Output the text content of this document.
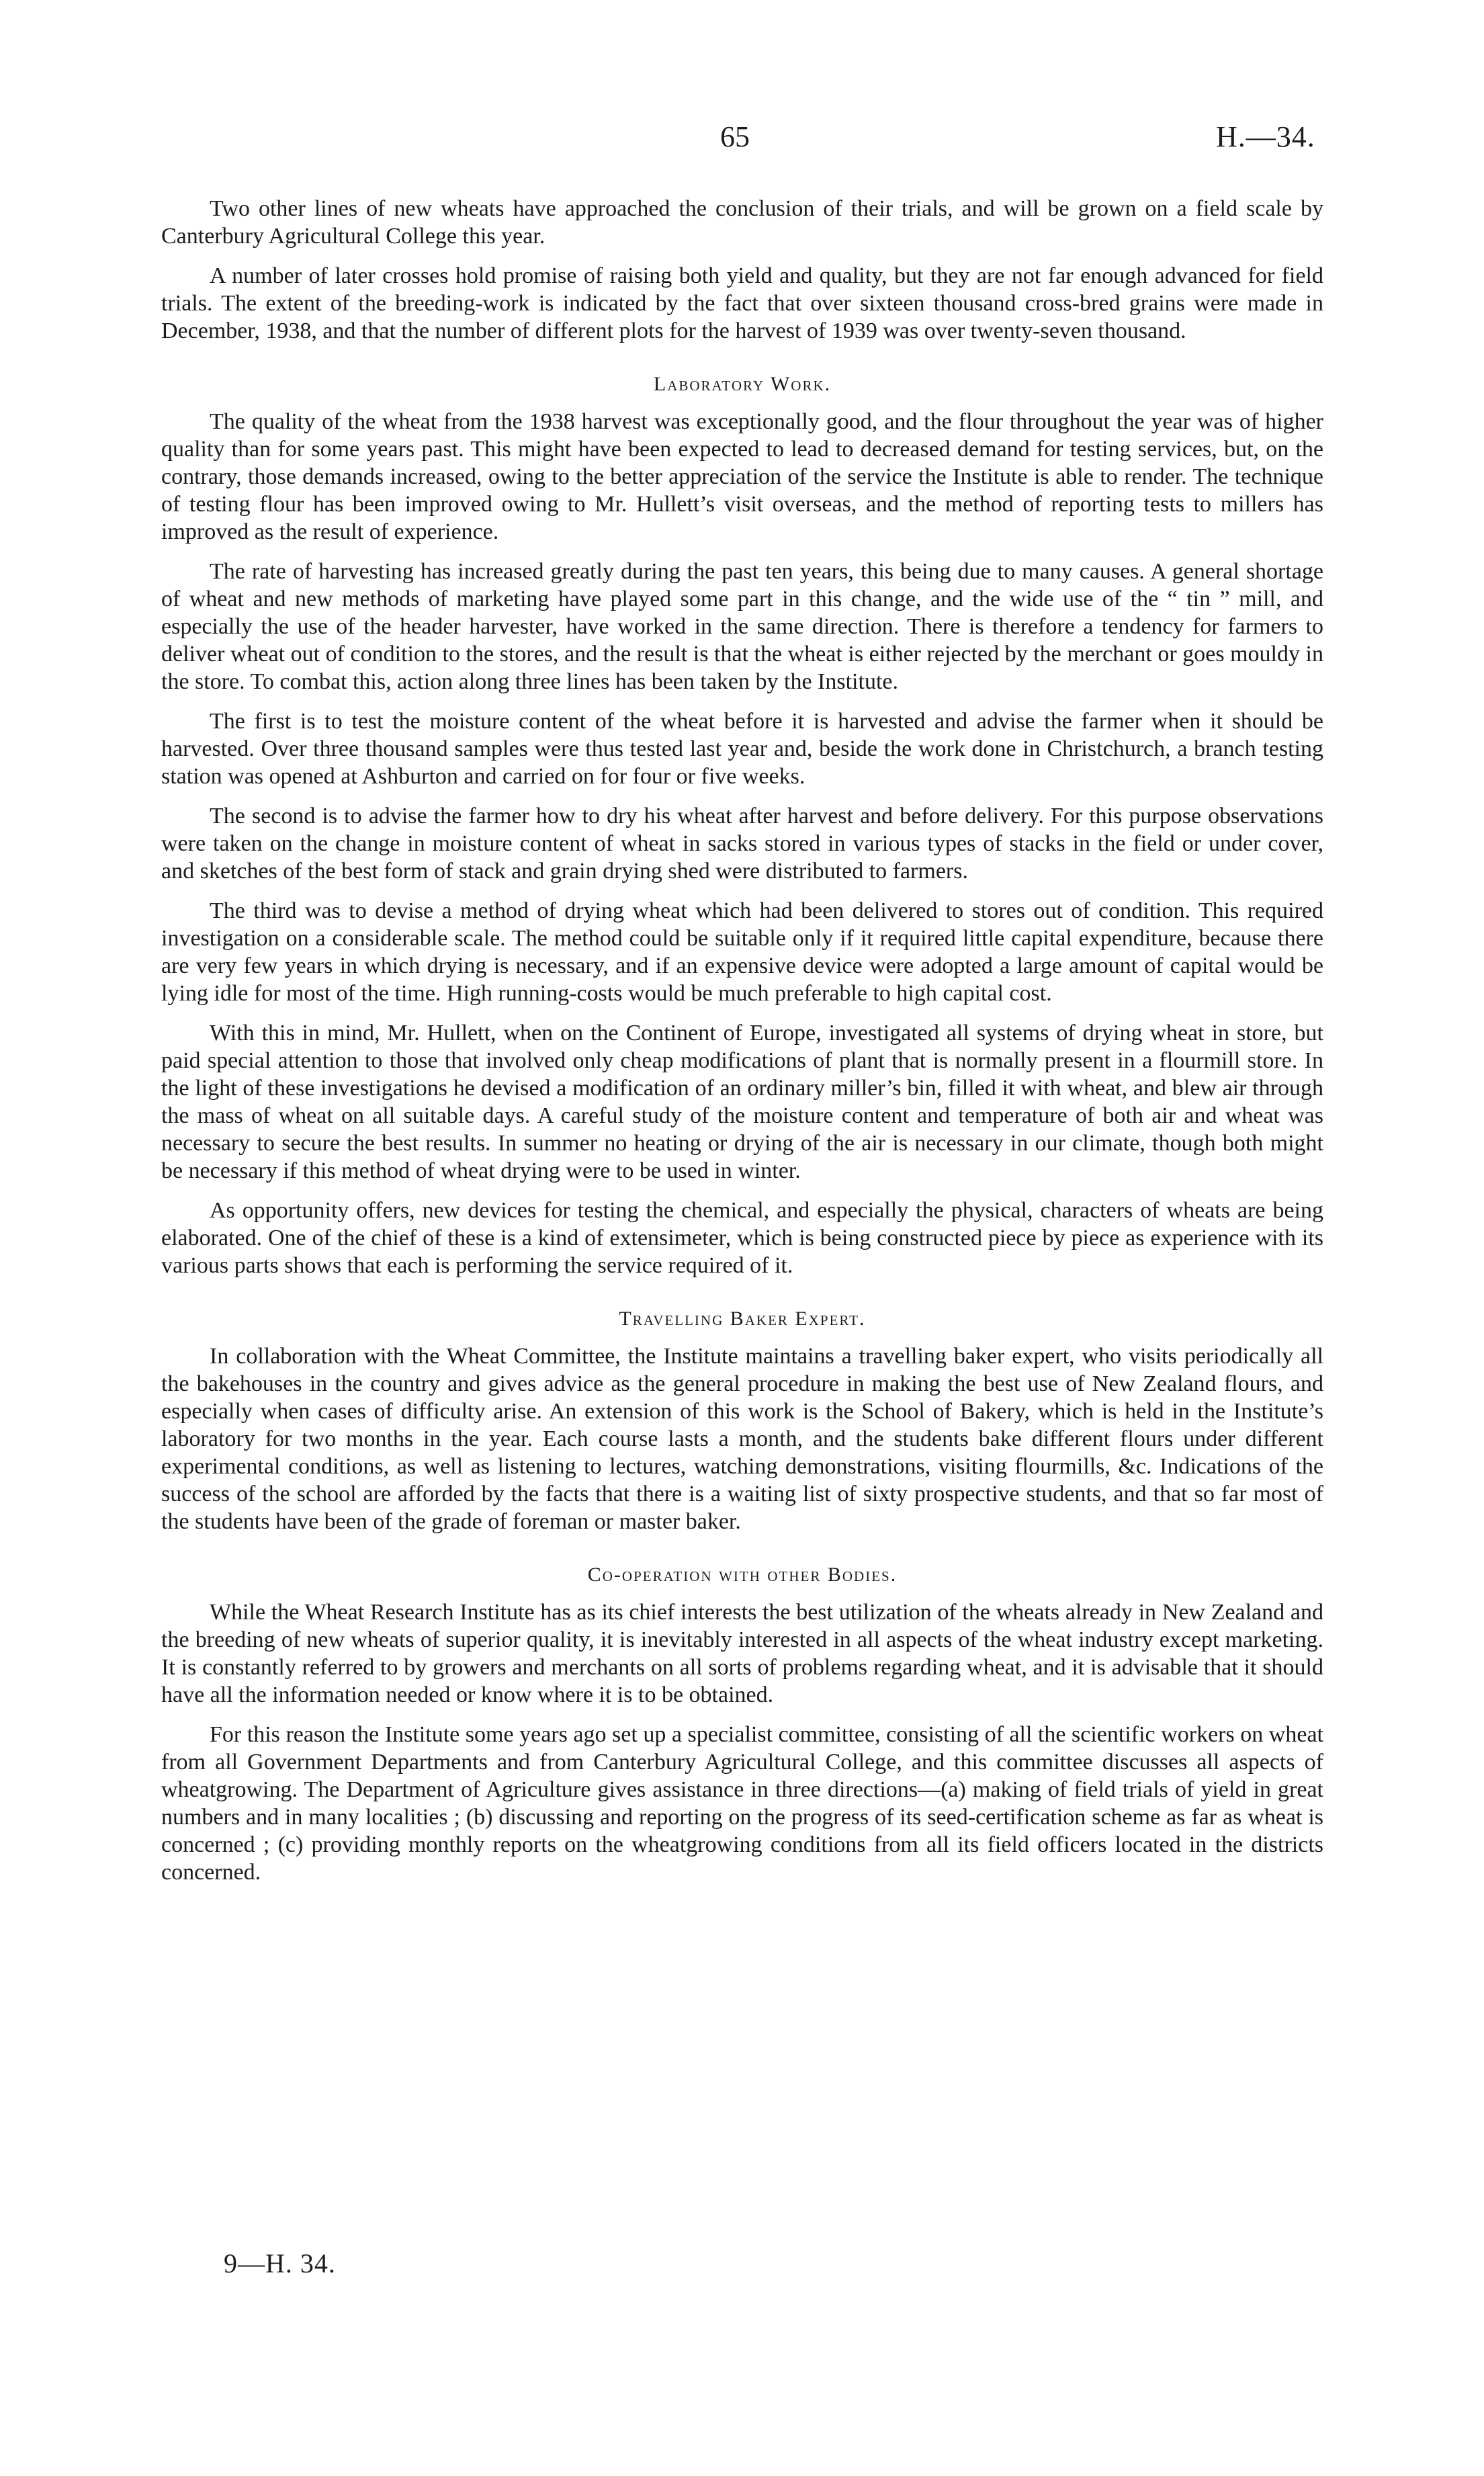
65	H.—34.

Two other lines of new wheats have approached the conclusion of their trials, and will be grown on a field scale by Canterbury Agricultural College this year.

A number of later crosses hold promise of raising both yield and quality, but they are not far enough advanced for field trials. The extent of the breeding-work is indicated by the fact that over sixteen thousand cross-bred grains were made in December, 1938, and that the number of different plots for the harvest of 1939 was over twenty-seven thousand.

Laboratory Work.

The quality of the wheat from the 1938 harvest was exceptionally good, and the flour throughout the year was of higher quality than for some years past. This might have been expected to lead to decreased demand for testing services, but, on the contrary, those demands increased, owing to the better appreciation of the service the Institute is able to render. The technique of testing flour has been improved owing to Mr. Hullett’s visit overseas, and the method of reporting tests to millers has improved as the result of experience.

The rate of harvesting has increased greatly during the past ten years, this being due to many causes. A general shortage of wheat and new methods of marketing have played some part in this change, and the wide use of the “ tin ” mill, and especially the use of the header harvester, have worked in the same direction. There is therefore a tendency for farmers to deliver wheat out of condition to the stores, and the result is that the wheat is either rejected by the merchant or goes mouldy in the store. To combat this, action along three lines has been taken by the Institute.

The first is to test the moisture content of the wheat before it is harvested and advise the farmer when it should be harvested. Over three thousand samples were thus tested last year and, beside the work done in Christchurch, a branch testing station was opened at Ashburton and carried on for four or five weeks.

The second is to advise the farmer how to dry his wheat after harvest and before delivery. For this purpose observations were taken on the change in moisture content of wheat in sacks stored in various types of stacks in the field or under cover, and sketches of the best form of stack and grain drying shed were distributed to farmers.

The third was to devise a method of drying wheat which had been delivered to stores out of condition. This required investigation on a considerable scale. The method could be suitable only if it required little capital expenditure, because there are very few years in which drying is necessary, and if an expensive device were adopted a large amount of capital would be lying idle for most of the time. High running-costs would be much preferable to high capital cost.

With this in mind, Mr. Hullett, when on the Continent of Europe, investigated all systems of drying wheat in store, but paid special attention to those that involved only cheap modifications of plant that is normally present in a flourmill store. In the light of these investigations he devised a modification of an ordinary miller’s bin, filled it with wheat, and blew air through the mass of wheat on all suitable days. A careful study of the moisture content and temperature of both air and wheat was necessary to secure the best results. In summer no heating or drying of the air is necessary in our climate, though both might be necessary if this method of wheat drying were to be used in winter.

As opportunity offers, new devices for testing the chemical, and especially the physical, characters of wheats are being elaborated. One of the chief of these is a kind of extensimeter, which is being constructed piece by piece as experience with its various parts shows that each is performing the service required of it.

Travelling Baker Expert.

In collaboration with the Wheat Committee, the Institute maintains a travelling baker expert, who visits periodically all the bakehouses in the country and gives advice as the general procedure in making the best use of New Zealand flours, and especially when cases of difficulty arise. An extension of this work is the School of Bakery, which is held in the Institute’s laboratory for two months in the year. Each course lasts a month, and the students bake different flours under different experimental conditions, as well as listening to lectures, watching demonstrations, visiting flourmills, &c. Indications of the success of the school are afforded by the facts that there is a waiting list of sixty prospective students, and that so far most of the students have been of the grade of foreman or master baker.

Co-operation with other Bodies.

While the Wheat Research Institute has as its chief interests the best utilization of the wheats already in New Zealand and the breeding of new wheats of superior quality, it is inevitably interested in all aspects of the wheat industry except marketing. It is constantly referred to by growers and merchants on all sorts of problems regarding wheat, and it is advisable that it should have all the information needed or know where it is to be obtained.

For this reason the Institute some years ago set up a specialist committee, consisting of all the scientific workers on wheat from all Government Departments and from Canterbury Agricultural College, and this committee discusses all aspects of wheatgrowing. The Department of Agriculture gives assistance in three directions—(a) making of field trials of yield in great numbers and in many localities ; (b) discussing and reporting on the progress of its seed-certification scheme as far as wheat is concerned ; (c) providing monthly reports on the wheatgrowing conditions from all its field officers located in the districts concerned.

9—H. 34.
